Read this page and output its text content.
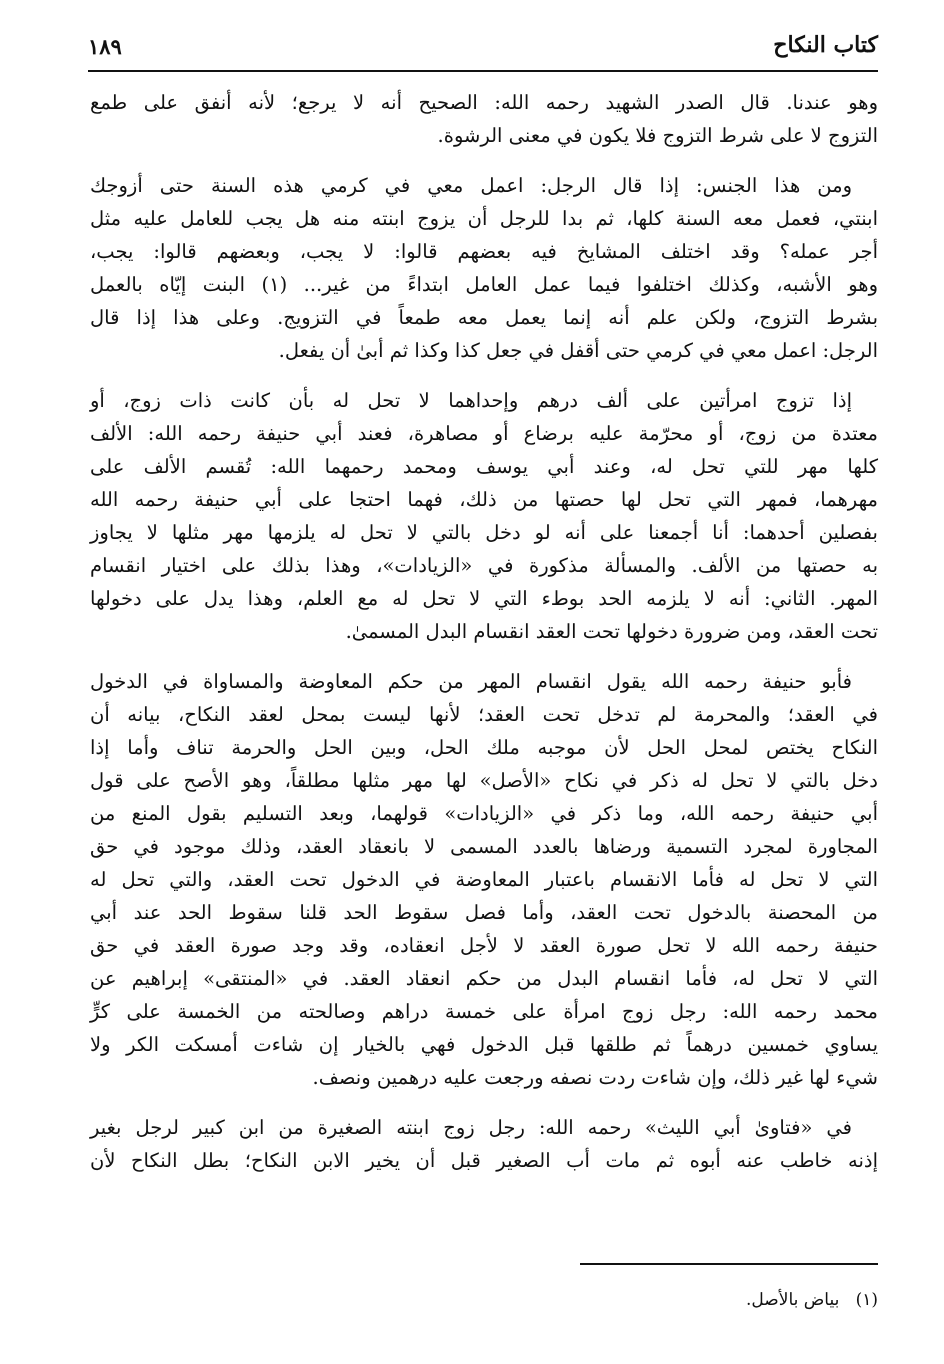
كتاب النكاح
١٨٩
وهو عندنا. قال الصدر الشهيد رحمه الله: الصحيح أنه لا يرجع؛ لأنه أنفق على طمع
التزوج لا على شرط التزوج فلا يكون في معنى الرشوة.
ومن هذا الجنس: إذا قال الرجل: اعمل معي في كرمي هذه السنة حتى أزوجك
ابنتي، فعمل معه السنة كلها، ثم بدا للرجل أن يزوج ابنته منه هل يجب للعامل عليه مثل
أجر عمله؟ وقد اختلف المشايخ فيه بعضهم قالوا: لا يجب، وبعضهم قالوا: يجب،
وهو الأشبه، وكذلك اختلفوا فيما عمل العامل ابتداءً من غير... (١) البنت إيّاه بالعمل
بشرط التزوج، ولكن علم أنه إنما يعمل معه طمعاً في التزويج. وعلى هذا إذا قال
الرجل: اعمل معي في كرمي حتى أقفل في جعل كذا وكذا ثم أبىٰ أن يفعل.
إذا تزوج امرأتين على ألف درهم وإحداهما لا تحل له بأن كانت ذات زوج، أو
معتدة من زوج، أو محرّمة عليه برضاع أو مصاهرة، فعند أبي حنيفة رحمه الله: الألف
كلها مهر للتي تحل له، وعند أبي يوسف ومحمد رحمهما الله: تُقسم الألف على
مهرهما، فمهر التي تحل لها حصتها من ذلك، فهما احتجا على أبي حنيفة رحمه الله
بفصلين أحدهما: أنا أجمعنا على أنه لو دخل بالتي لا تحل له يلزمها مهر مثلها لا يجاوز
به حصتها من الألف. والمسألة مذكورة في «الزيادات»، وهذا بذلك على اختيار انقسام
المهر. الثاني: أنه لا يلزمه الحد بوطء التي لا تحل له مع العلم، وهذا يدل على دخولها
تحت العقد، ومن ضرورة دخولها تحت العقد انقسام البدل المسمىٰ.
فأبو حنيفة رحمه الله يقول انقسام المهر من حكم المعاوضة والمساواة في الدخول
في العقد؛ والمحرمة لم تدخل تحت العقد؛ لأنها ليست بمحل لعقد النكاح، بيانه أن
النكاح يختص لمحل الحل لأن موجبه ملك الحل، وبين الحل والحرمة تناف وأما إذا
دخل بالتي لا تحل له ذكر في نكاح «الأصل» لها مهر مثلها مطلقاً، وهو الأصح على قول
أبي حنيفة رحمه الله، وما ذكر في «الزيادات» قولهما، وبعد التسليم بقول المنع من
المجاورة لمجرد التسمية ورضاها بالعدد المسمى لا بانعقاد العقد، وذلك موجود في حق
التي لا تحل له فأما الانقسام باعتبار المعاوضة في الدخول تحت العقد، والتي تحل له
من المحصنة بالدخول تحت العقد، وأما فصل سقوط الحد قلنا سقوط الحد عند أبي
حنيفة رحمه الله لا تحل صورة العقد لا لأجل انعقاده، وقد وجد صورة العقد في حق
التي لا تحل له، فأما انقسام البدل من حكم انعقاد العقد. في «المنتقى» إبراهيم عن
محمد رحمه الله: رجل زوج امرأة على خمسة دراهم وصالحته من الخمسة على كرٍّ
يساوي خمسين درهماً ثم طلقها قبل الدخول فهي بالخيار إن شاءت أمسكت الكر ولا
شيء لها غير ذلك، وإن شاءت ردت نصفه ورجعت عليه درهمين ونصف.
في «فتاوىٰ أبي الليث» رحمه الله: رجل زوج ابنته الصغيرة من ابن كبير لرجل بغير
إذنه خاطب عنه أبوه ثم مات أب الصغير قبل أن يخير الابن النكاح؛ بطل النكاح لأن
(١)   بياض بالأصل.
